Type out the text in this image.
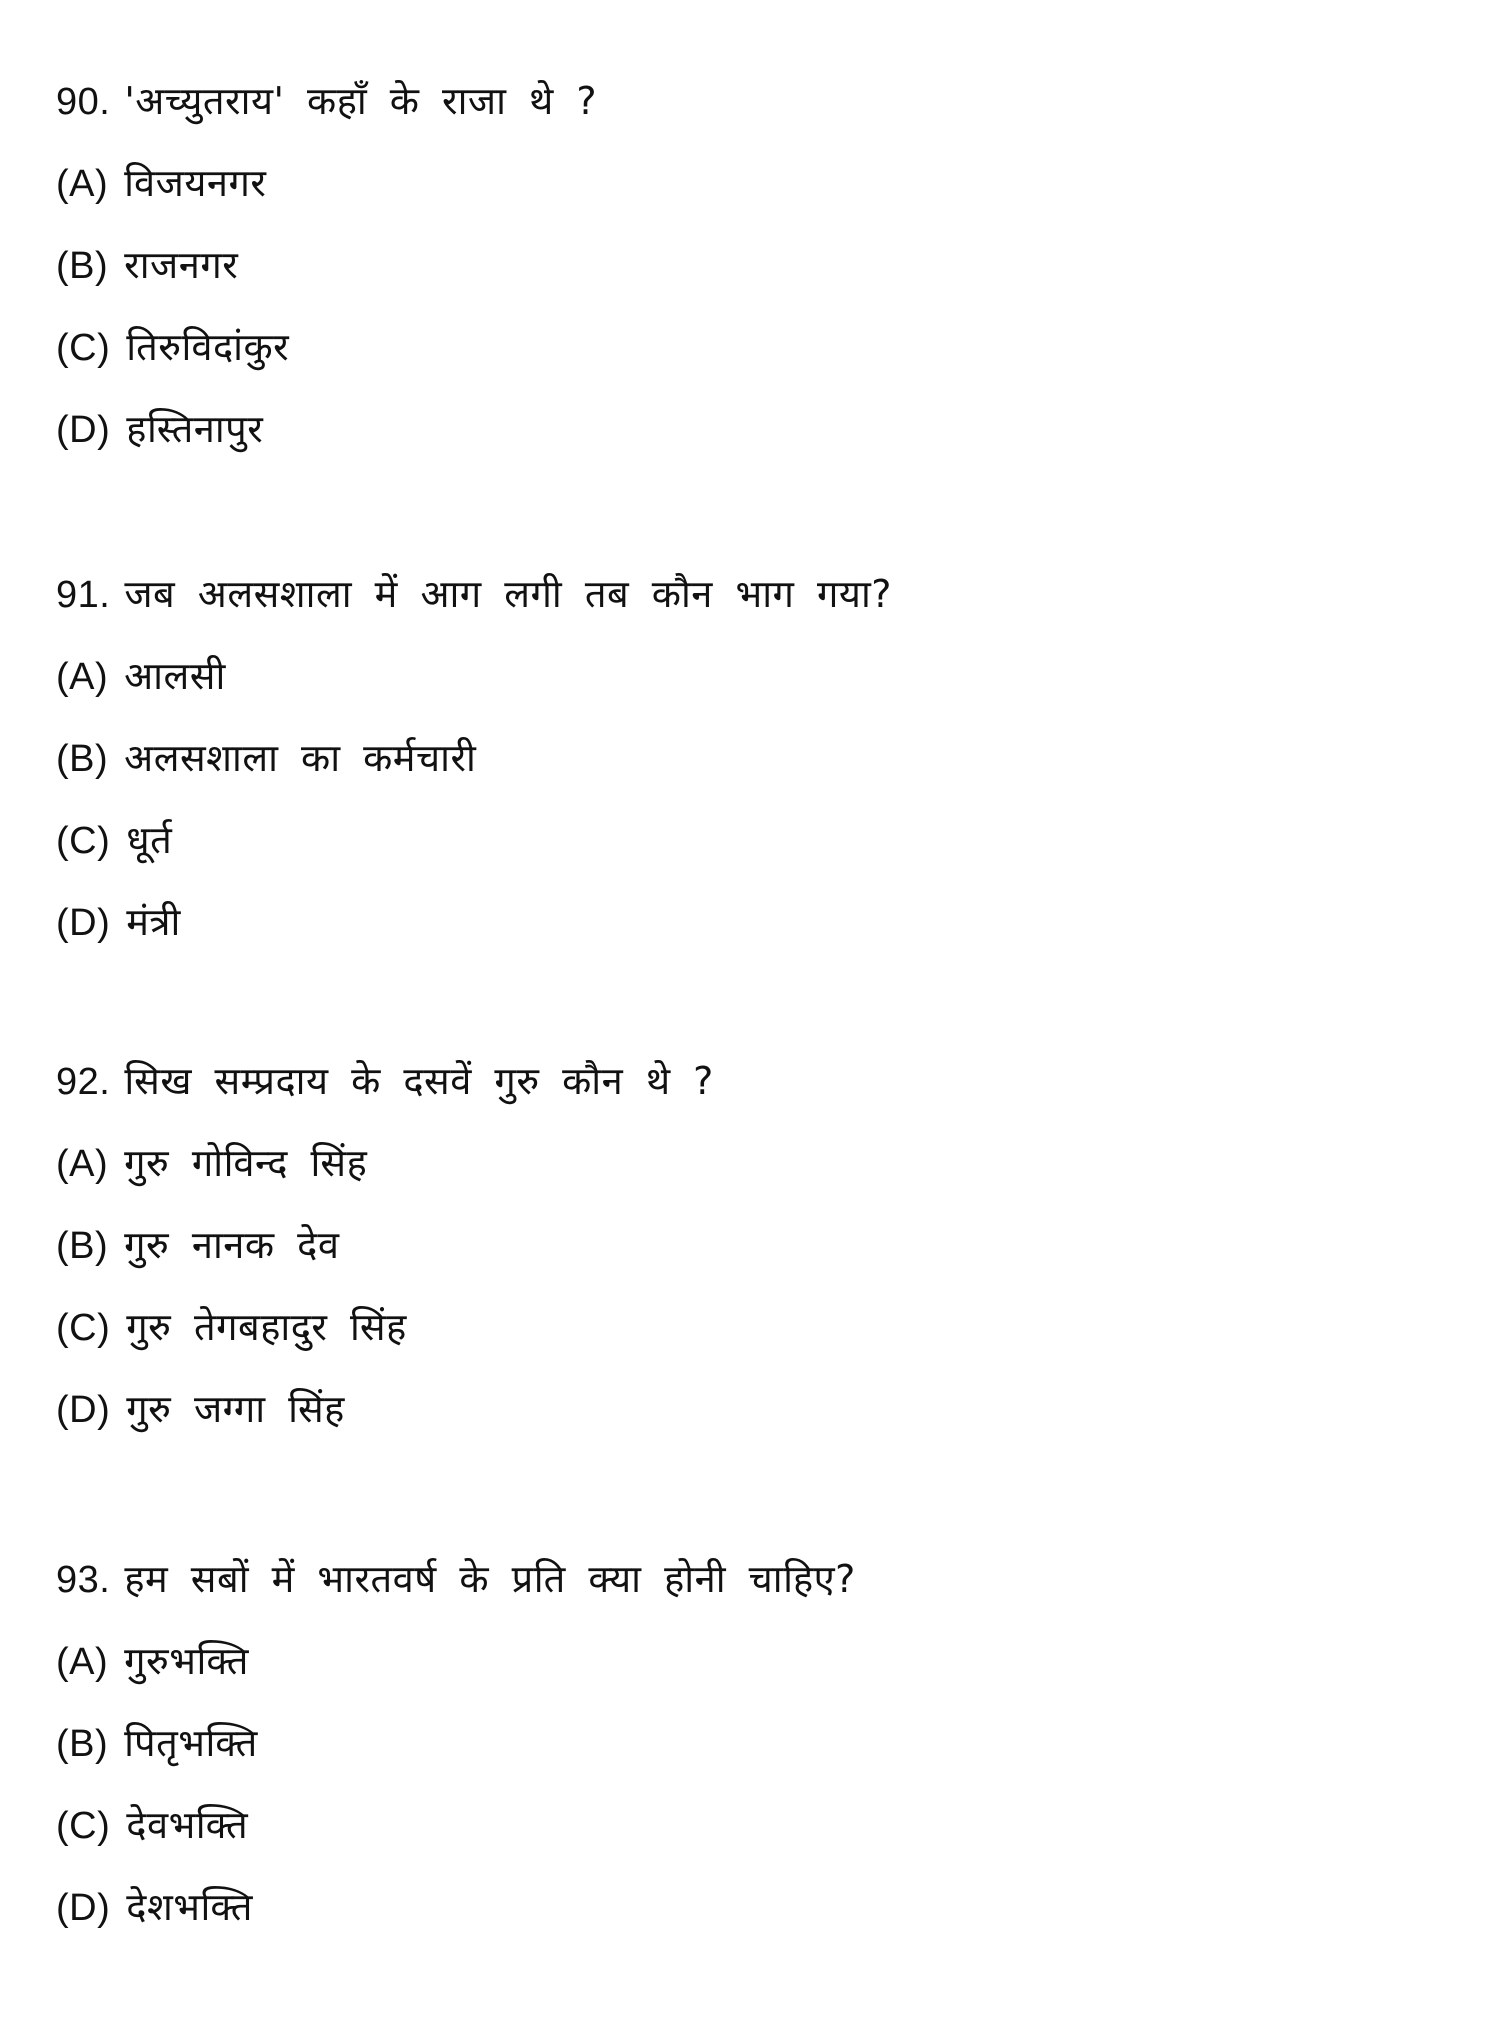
90. 'अच्युतराय' कहाँ के राजा थे ?
(A) विजयनगर
(B) राजनगर
(C) तिरुविदांकुर
(D) हस्तिनापुर
91. जब अलसशाला में आग लगी तब कौन भाग गया?
(A) आलसी
(B) अलसशाला का कर्मचारी
(C) धूर्त
(D) मंत्री
92. सिख सम्प्रदाय के दसवें गुरु कौन थे ?
(A) गुरु गोविन्द सिंह
(B) गुरु नानक देव
(C) गुरु तेगबहादुर सिंह
(D) गुरु जग्गा सिंह
93. हम सबों में भारतवर्ष के प्रति क्या होनी चाहिए?
(A) गुरुभक्ति
(B) पितृभक्ति
(C) देवभक्ति
(D) देशभक्ति
